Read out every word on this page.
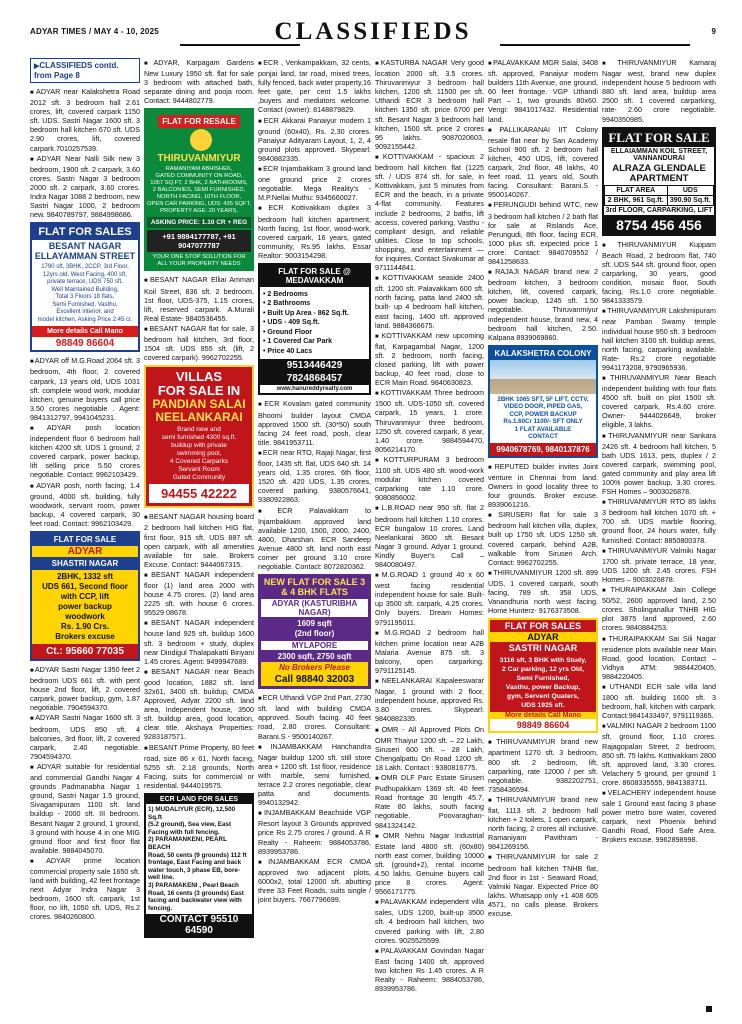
ADYAR TIMES / MAY 4 - 10, 2025	CLASSIFIEDS	9
▶ CLASSIFIEDS contd. from Page 8

■ ADYAR near Kalakshetra Road 2012 sft. 3 bedroom hall 2.61 crores, lift, covered carpark 1150 sft. UDS. Sastri Nagar 1600 sft. 3 bedroom hall kitchen 670 sft. UDS 2.90 crores, lift, covered carpark.7010257539.

■ ADYAR Near Nalli Silk new 3 bedroom, 1900 sft. 2 carpark, 3.60 crores. Sastri Nagar 3 bedroom 2000 sft. 2 carpark, 3.60 crores. Indra Nagar 1088 2 bedroom, new Sastri Nagar 1000, 2 bedroom new. 9840789797, 9884998686.

FLAT FOR SALES
BESANT NAGAR ELLAYAMMAN STREET
1790 sft, 3BHK, 2CCP, 3rd Floor,
12yrs old, West Facing, 400 sft,
private terrace, UDS 750 sft,
Well Maintained Building,
Total 3 Floors 18 flats,
Semi Furnished, Vasthu,
Excellent interior, and
model kitchen, Asking Price 2.45 cr.
More details Call Mano
98849 86604

■ ADYAR off M.G.Road 2064 sft. 3 bedroom, 4th floor, 2 covered carpark, 13 years old, UDS 1031 sft. complete wood work, modular kitchen, genuine buyers call price 3.50 crores negotiable . Agent: 9841312797, 9941045231.

■ ADYAR posh location independent floor 6 bedroom hall kitchen 4200 sft. UDS 1 ground, 2 covered carpark, power backup, lift selling price 5.50 crores negotiable. Contact: 9962103429.

■ ADYAR posh, north facing, 1.4 ground, 4000 sft. building, fully woodwork, servant room, power backup, 4 covered carpark, 30 feet road. Contact: 9962103429.

FLAT FOR SALE
ADYAR
SHASTRI NAGAR
2BHK, 1332 sft
UDS 661, Second floor
with CCP, lift
power backup
woodwork
Rs. 1.90 Crs.
Brokers excuse
Ct.: 95660 77035

■ ADYAR Sastri Nagar 1350 feet 2 bedroom UDS 661 sft. with pent house 2nd floor, lift, 2 covered carpark, power backup, gym, 1.87 negotiable. 7904594370.

■ ADYAR Sastri Nagar 1600 sft. 3 bedroom, UDS 850 sft. 4 balconies, 3rd floor, lift, 2 covered carpark, 2.40 negotiable. 7904594370.

■ ADYAR suitable for residential and commercial Gandhi Nagar 4 grounds Padmanabha Nagar 1 ground, Sastri Nagar 1.5 ground, Sivagamipuram 1100 sft. land buildup - 2000 sft. III bedroom. Besant Nagar 2 ground, 1 ground, 3 ground with house 4 in one MIG ground floor and first floor flat available. 9884045070.

■ ADYAR prime location commercial property sale 1650 sft. land with building, 42 feet frontage next Adyar Indra Nagar 3 bedroom, 1600 sft. carpark, 1st floor, no lift, 1050 sft. UDS, Rs.2 crores. 9840260800.

■ ADYAR, Karpagam Gardens New Luxury 1950 sft. flat for sale 3 bedroom with attached bath, separate dining and pooja room. Contact: 9444802779.

FLAT FOR RESALE
THIRUVANMIYUR
RAMANIYAM ABHISHEK,
GATED COMMUNITY ON ROAD,
1057 SQ.FT, 2 BHK, 2 BATHROOMS,
2 BALCONIES, SEMI FURNISHED,
NORTH FACING, 10TH FLOOR,
OPEN CAR PARKING, UDS: 435 SQFT,
PROPERTY AGE: 20 YEARS,
ASKING PRICE: 1.10 CR + REG
+91 9894177787, +91 9047077787
YOUR ONE STOP SOLUTION FOR ALL YOUR PROPERTY NEEDS

■ BESANT NAGAR Elliai Amman Koil Street, 836 sft. 2 bedroom, 1st floor, UDS-375, 1.15 crores, lift, reserved carpark. A.Murali Real Estate- 9840536455.

■ BESANT NAGAR flat for sale, 3 bedroom hall kitchen, 3rd floor, 1504 sft. UDS 855 sft. (lift, 2 covered carpark). 9962702255.

VILLAS
FOR SALE IN
PANDIAN SALAI
NEELANKARAI
Brand new and
semi furnished 4300 sq.ft.
buildup with private
swimming pool,
4 Covered Carparks
Servant Room
Gated Community
94455 42222

■ BESANT NAGAR housing board 2 bedroom hall kitchen HIG flat, first floor, 915 sft. UDS 887 sft. open carpark, with all amenities available for sale. Brokers Excuse. Contact: 9444067315.

■ BESANT NAGAR independent floor (1) land area 2000 with house 4.75 crores. (2) land area 2225 sft. with house 6 crores. 95529 08678.

■ BESANT NAGAR independent house land 925 sft. buildup 1600 sft. 3 bedroom + study, duplex near Dindigul Thalapakatti Biriyani 1.45 crores. Agent: 9499947689.

■ BESANT NAGAR near Beach good location, 1882 sft. land 32x61, 3400 sft. buildup, CMDA Approved, Adyar 2200 sft. land area, Independent house, 3500 sft. buildup area, good location, clear title. Akshaya Properties: 9283187571.

■ BESANT Prime Property, 80 feet road, size 86 x 61, North facing, 5255 sft. 2.18 grounds, North Facing, suits for commercial or residential. 9444019575.

ECR LAND FOR SALES
1) MUDALIYUR (ECR), 12,500 Sq.ft
(5.2 ground), Sea view, East
Facing with full fencing.
2) PARAMANKENI, PEARL BEACH
Road, 50 cents (9 grounds) 112 ft
frontage, East Facing and back
water touch, 3 phase EB, bore-
well line.
3) PARAMAKENI , Pearl Beach
Road, 16 cents (3 grounds) East
facing and backwater view with
fencing.
CONTACT 95510 64590

■ ECR , Venkampakkam, 32 cents, ponjai land, tar road, mixed trees, fully fenced, back water property,16 feet gate, per cent 1.5 lakhs ,buyers and mediators welcome. Contact (owner): 8148879829.

■ ECR Akkarai Panaiyur modern 1 ground (60x40), Rs. 2.30 crores. Panaiyur Adityaram Layout, 1, 2, 4 ground plots approved. Skypearl: 9840882335.

■ ECR Injambakkam 3 ground land one ground price 2 crores negotiable. Mega Reality's - M.P.Nellai Muthu: 9345660027.

■ ECR Kottivakkam duplex 3 bedroom hall kitchen apartment, North facing, 1st floor, wood-work, covered carpark, 16 years, gated community, Rs.95 lakhs. Essar Realtor: 9003154298.

FLAT FOR SALE @ MEDAVAKKAM
• 2 Bedrooms
• 2 Bathrooms
• Built Up Area - 862 Sq.ft.
• UDS - 409 Sq.ft.
• Ground Floor
• 1 Covered Car Park
• Price 40 Lacs
9513446429
7824868457
www.hanureddyrealty.com

■ ECR Kovalam gated community Bhoomi builder layout CMDA approved 1500 sft. (30*50) south facing 24 feet road, posh, clear title. 9841953711.

■ ECR near RTO, Rajaji Nagar, first floor, 1435 sft. flat, UDS 640 sft. 14 years old, 1.35 crores. 6th floor, 1520 sft. 420 UDS, 1.35 crores, covered parking. 9380576641, 9380922863.

■ ECR Palavakkam to Injambakkam approved land available 1200, 1500, 2000, 2400, 4800, Dharshan. ECR Sandeep Avenue 4800 sft. land north east corner per ground 3.10 crore negotiable. Contact: 8072820362.

NEW FLAT FOR SALE 3 & 4 BHK FLATS
ADYAR (KASTURIBHA NAGAR)
1609 sqft
(2nd floor)
MYLAPORE
2300 sqft, 2750 sqft
No Brokers Please
Call 98840 32003

■ ECR Uthandi VGP 2nd Part, 2730 sft. land with building CMDA approved. South facing. 40 feet road, 2.80 crores. Consultant: Barani.S - 9500140267.

■ INJAMBAKKAM Hanchandra Nagar buildup 1200 sft. still store area + 1200 sft. 1st floor, residence with marble, semi furnished, terrace 2.2 crores negotiable, clear patta and documents. 9940132942.

■ INJAMBAKKAM Beachside VGP Resort layout 3 Grounds approved price Rs 2.75 crores / ground. A R Realty - Raheem: 9884053786, 8939953786.

■ INJAMBAKKAM ECR CMDA approved two adjacent plots, 6000x2, total 12000 sft. abutting three 33 Feet Roads, suits single / joint buyers. 7667796699.

■ KASTURBA NAGAR Very good location 2000 sft. 3.5 crores. Thiruvanmiyur 3 bedroom hall kitchen, 1200 sft. 11500 per sft. Uthandi ECR 3 bedroom hall kitchen 1350 sft. price 6700 per sft. Besant Nagar 3 bedroom hall kitchen, 1500 sft. price 2 crores 95 lakhs. 9087020603, 9092155442.

■ KOTTIVAKKAM - spacious 2 bedroom hall kitchen flat (1225 sft. / UDS 874 sft. for sale, in Kottivakkam, just 5 minutes from ECR and the beach, in a private 4-flat community. Features include 2 bedrooms, 2 baths, lift access, covered parking, Vasthu - compliant design, and reliable utilities. Close to top schools, shopping, and entertainment — for inquires. Contact Sivakumar at 9711144841.

■ KOTTIVAKKAM seaside 2400 sft. 1200 sft. Palavakkam 600 sft. north facing, patta land 2400 sft. built- up 4 bedroom hall kitchen, east facing, 1400 sft. approved land. 9884366675.

■ KOTTIVAKKAM new upcoming flat, Karpagambal Nagar, 1200 sft. 2 bedroom, north facing, closed parking, lift with power backup, 40 feet road, close to ECR Main Road. 9840630823.

■ KOTTIVAKKAM Three bedroom 1500 sft. UDS-1050 sft. covered carpark, 15 years, 1 crore. Thiruvanmiyur three bedroom, 1250 sft. covered carpark, 8 year, 1.40 crore. 9884594470, 8056214170.

■ KOTTURPURAM 3 bedroom 1100 sft. UDS 480 sft. wood-work modular kitchen covered carparking rate 1.10 crore. 9080856002.

■ L.B.ROAD near 950 sft. flat 2 bedroom hall kitchen 1.10 crores. ECR bungalow 10 crores. Land Neelankarai 3600 sft. Besant Nagar 3 ground. Adyar 1 ground. Kindly Buyer's Call – 9840080497.

■ M.G.ROAD 1 ground 40 x 60 west facing residential independent house for sale. Built-up 3500 sft. carpark, 4.25 crores. Only buyers. Dream Homes: 9791195011.

■ M.G.ROAD 2 bedroom hall kitchen prime location near A2B Malaria Avenue 875 sft. 3 balcony, open carparking. 9791125145.

■ NEELANKARAI Kapaleeswarar Nagar, 1 ground with 2 floor, independent house, approved Rs. 3.80 crores. Skypearl: 9840882335.

■ OMR - All Approved Plots On OMR Thaiyur 1200 sft. – 22 Lakh, Siruseri 600 sft. – 28 Lakh, Chengalpattu On Road 1200 sft. 18 Lakh. Contact : 9380816775.

■ OMR DLF Parc Estate Siruseri Pudhupakkam 1369 sft. 40 feet Road frontage 30 length 45.7, Rate 80 lakhs, south facing negotiable. Poovaraghan- 9841324142.

■ OMR Nehru Nagar Industrial Estate land 4800 sft. (60x80) north east corner, building 10000 sft. (ground+2), rental income 4.50 lakhs. Genuine buyers call price 8 crores. Agent: 9566171775.

■ PALAVAKKAM independent villa sales, UDS 1200, built-up 3500 sft. 4 bedroom hall kitchen, two covered parking with lift, 2.80 crores. 9025525599.

■ PALAVAKKAM Govindan Nagar East facing 1400 sft. approved two kitchen Rs 1.45 crores. A R Realty - Raheem: 9884053786, 8939953786.

■ PALAVAKKAM MGR Salai, 3408 sft. approved, Panaiyur modern builders 11th Avenue, one ground, 60 feet frontage. VGP Uthandi Part – 1, two grounds 80x60. Vengi: 9841017432. Residential land.

■ PALLIKARANAI IIT Colony resale flat near by San Academy School 900 sft. 2 bedroom hall kitchen, 450 UDS, lift, covered carpark, 2nd floor, 48 lakhs, 40 feet road. 11 years old, South facing. Consultant: Barani.S - 9500140267.

■ PERUNGUDI behind WTC, new 3 bedroom hall kitchen / 2 bath flat for sale at Rislands Ace, Perungudi, 8th floor, facing ECR, 1000 plus sft. expected price 1 crore. Contact: 9840709552 / 9841258633.

■ RAJAJI NAGAR brand new 2 bedroom kitchen, 3 bedroom kitchen, lift, covered carpark, power backup, 1245 sft. 1.50 negotiable. Thiruvanmiyur independent house, brand new, 4 bedroom hall kitchen, 2.50. Kalpana 8939069860.

KALAKSHETRA COLONY
2BHK 1065 SFT, 5F LIFT, CCTV,
VIDEO DOOR, PIPED GAS,
CCP, POWER BACKUP
Rs.1.60Cr 1100/- SFT ONLY
1 FLAT AVAILABLE
CONTACT
9940678769, 9840137876

■ REPUTED builder invites Joint venture in Chennai from land. Owners in good locality three to four grounds. Broker excuse. 8939061216.

■ SIRUSERI flat for sale 3 bedroom hall kitchen villa, duplex, built up 1750 sft. UDS 1250 sft. covered carpark, behind A2B, walkable from Siruseri Arch. Contact: 9962702255.

■ THIRUVANMIYUR 1200 sft. 899 UDS, 1 covered carpark, south facing, 789 sft. 358 UDS, Vanandhuria north west facing. Home Hunterz- 9176373508.

FLAT FOR SALES
ADYAR
SASTRI NAGAR
3116 sft, 3 BHK with Study,
2 Car parking, 12 yrs Old,
Semi Furnished,
Vasthu, power Backup,
gym, Servent Quaters,
UDS 1925 sft.
More details Call Mano
98849 86604

■ THIRUVANMIYUR brand new apartment 1270 sft. 3 bedroom, 800 sft. 2 bedroom, lift, carparking, rate 12000 / per sft. negotiable. 9382202751, 7358436594.

■ THIRUVANMIYUR brand new flat, 1113 sft. 2 bedroom hall kitchen + 2 toilets, 1 open carpark, north facing, 2 crores all inclusive. Ramaniyam Pavithram - 9841269156.

■ THIRUVANMIYUR for sale 2 bedroom hall kitchen TNHB flat, 2nd floor in 1st - Seaward Road, Valmiki Nagar. Expected Price 80 lakhs. Whatsapp only +1 408 605 4571, no calls please. Brokers excuse.

■ THIRUVANMIYUR Kamaraj Nagar west, brand new duplex independent house 5 bedroom with 880 sft. land area, buildup area 2500 sft. 1 covered carparking, rate- 2.60 crore negotiable. 9940350985.

FLAT FOR SALE
ELLAIAMMAN KOIL STREET, VANNANDURAI
ALRAZA GLENDALE APARTMENT
FLAT AREA	UDS
2 BHK, 961 Sq.ft.	390.90 Sq.ft.
3rd FLOOR, CARPARKING, LIFT
8754 456 456

■ THIRUVANMIYUR Kuppam Beach Road, 2 bedroom flat, 740 sft. UDS 544 sft. ground floor, open carparking, 30 years, good condition, mosaic floor, South facing, Rs.1.0 crore negotiable. 9841333579.

■ THIRUVANMIYUR Lakshmipuram near Pamban Swamy temple individual house 950 sft. 3 bedroom hall kitchen 3100 sft. buildup areas, north facing, carparking available. Rate- Rs.2 crore negotiable 9941173208, 9790965936.

■ THIRUVANMIYUR Near Beach independent building with four flats 4500 sft. built on plot 1500 sft. covered carpark, Rs.4.60 crore. Owner- 9444026649, broker eligible, 3 lakhs.

■ THIRUVANMIYUR near Sankara 2426 sft. 4 bedroom hall kitchen, 5 bath UDS 1613, pets, duplex / 2 covered carpark, swimming pool, gated community and play area lift 100% power backup, 3.30 crores. FSH Homes – 9003026878.

■ THIRUVANMIYUR RTO 85 lakhs 3 bedroom hall kitchen 1070 sft. + 700 sft. UDS marble flooring, ground floor, 24 hours water, fully furnished. Contact: 8850800378.

■ THIRUVANMIYUR Valmiki Nagar 1700 sft. private terrace, 18 year, UDS 1200 sft. 2.45 crores. FSH Homes – 9003026878.

■ THURAIPAKKAM Jain College 50/52, 2600 approved land, 2.50 crores. Sholinganallur TNHB HIG plot 3875 land approved, 2.60 crores. 9840884253.

■ THURAIPAKKAM Sai Sili Nagar residence plots available near Main Road, good location. Contact – Vidhya ATM: 9884420405, 9884220405.

■ UTHANDI ECR sale villa land 1800 sft. building 1600 sft. 3 bedroom, hall, kitchen with carpark. Contact:9841433497, 9791119365.

■ VALMIKI NAGAR 2 bedroom 1100 sft. ground floor, 1.10 crores. Rajagopalan Street, 2 bedroom, 850 sft. 75 lakhs. Kottivakkam 2800 sft. approved land, 3.30 crores. Velachery 5 ground, per ground 1 crore. 8608335555, 9841383711.

■ VELACHERY independent house sale 1 Ground east facing 3 phase power metro bore water, covered carpark, next Phoenix behind Gandhi Road, Flood Safe Area. Brokers excuse. 9962898998.
